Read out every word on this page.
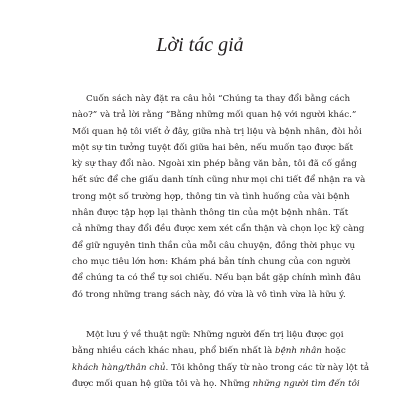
Lời tác giả
Cuốn sách này đặt ra câu hỏi “Chúng ta thay đổi bằng cách
nào?” và trả lời rằng “Bằng những mối quan hệ với người khác.”
Mối quan hệ tôi viết ở đây, giữa nhà trị liệu và bệnh nhân, đòi hỏi
một sự tin tưởng tuyệt đối giữa hai bên, nếu muốn tạo được bất
kỳ sự thay đổi nào. Ngoài xin phép bằng văn bản, tôi đã cố gắng
hết sức để che giấu danh tính cũng như mọi chi tiết để nhận ra và
trong một số trường hợp, thông tin và tình huống của vài bệnh
nhân được tập hợp lại thành thông tin của một bệnh nhân. Tất
cả những thay đổi đều được xem xét cẩn thận và chọn lọc kỹ càng
để giữ nguyên tinh thần của mỗi câu chuyện, đồng thời phục vụ
cho mục tiêu lớn hơn: Khám phá bản tính chung của con người
để chúng ta có thể tự soi chiếu. Nếu bạn bắt gặp chính mình đâu
đó trong những trang sách này, đó vừa là vô tình vừa là hữu ý.
Một lưu ý về thuật ngữ: Những người đến trị liệu được gọi
bằng nhiều cách khác nhau, phổ biến nhất là bệnh nhân hoặc
khách hàng/thân chủ. Tôi không thấy từ nào trong các từ này lột tả
được mối quan hệ giữa tôi và họ. Những những người tìm đến tôi
